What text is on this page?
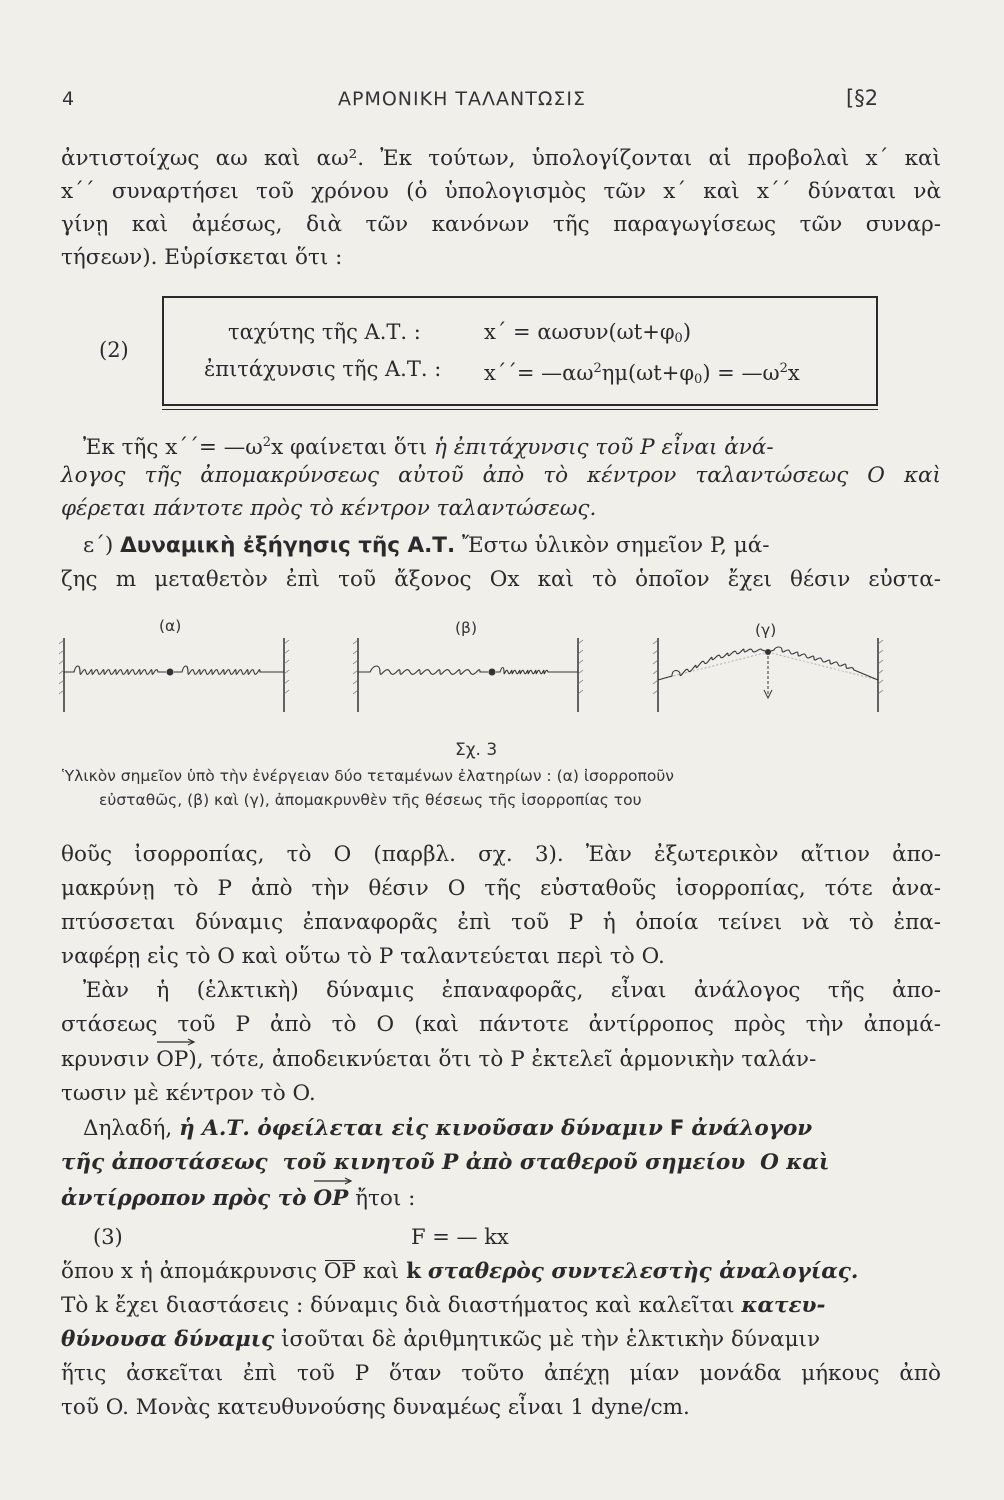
4	ΑΡΜΟΝΙΚΗ ΤΑΛΑΝΤΩΣΙΣ	[§2
ἀντιστοίχως αω καὶ αω². Ἐκ τούτων, ὑπολογίζονται αἱ προβολαὶ x΄ καὶ
x΄΄ συναρτήσει τοῦ χρόνου (ὁ ὑπολογισμὸς τῶν x΄ καὶ x΄΄ δύναται νὰ
γίνῃ καὶ ἀμέσως, διὰ τῶν κανόνων τῆς παραγωγίσεως τῶν συναρ-
τήσεων). Εὑρίσκεται ὅτι :
(2)
ταχύτης τῆς Α.Τ. :	$x΄ = \alpha\omega\sigma\upsilon\nu(\omega t+\varphi_0)$
ἐπιτάχυνσις τῆς Α.Τ. : $x΄΄= —\alpha\omega^2\eta\mu(\omega t+\varphi_0)$ = $—\omega^2x$
Ἐκ τῆς $x΄΄= —\omega^2x$ φαίνεται ὅτι ἡ ἐπιτάχυνσις τοῦ P εἶναι ἀνά-
λογος τῆς ἀπομακρύνσεως αὐτοῦ ἀπὸ τὸ κέντρον ταλαντώσεως O καὶ
φέρεται πάντοτε πρὸς τὸ κέντρον ταλαντώσεως.
ε΄) Δυναμικὴ ἐξήγησις τῆς Α.Τ. Ἔστω ὑλικὸν σημεῖον P, μά-
ζης m μεταθετὸν ἐπὶ τοῦ ἄξονος Οx καὶ τὸ ὁποῖον ἔχει θέσιν εὐστα-
(α)	(β)	(γ)
Σχ. 3
Ὑλικὸν σημεῖον ὑπὸ τὴν ἐνέργειαν δύο τεταμένων ἐλατηρίων : (α) ἰσορροποῦν
εὐσταθῶς, (β) καὶ (γ), ἀπομακρυνθὲν τῆς θέσεως τῆς ἰσορροπίας του
θοῦς ἰσορροπίας, τὸ O (παρβλ. σχ. 3). Ἐὰν ἐξωτερικὸν αἴτιον ἀπο-
μακρύνῃ τὸ P ἀπὸ τὴν θέσιν O τῆς εὐσταθοῦς ἰσορροπίας, τότε ἀνα-
πτύσσεται δύναμις ἐπαναφορᾶς ἐπὶ τοῦ P ἡ ὁποία τείνει νὰ τὸ ἐπα-
ναφέρῃ εἰς τὸ O καὶ οὕτω τὸ P ταλαντεύεται περὶ τὸ O.
Ἐὰν ἡ (ἑλκτικὴ) δύναμις ἐπαναφορᾶς, εἶναι ἀνάλογος τῆς ἀπο-
στάσεως τοῦ P ἀπὸ τὸ O (καὶ πάντοτε ἀντίρροπος πρὸς τὴν ἀπομά-
κρυνσιν OP), τότε, ἀποδεικνύεται ὅτι τὸ P ἐκτελεῖ ἁρμονικὴν ταλάν-
τωσιν μὲ κέντρον τὸ O.
Δηλαδή, ἡ Α.Τ. ὀφείλεται εἰς κινοῦσαν δύναμιν F ἀνάλογον
τῆς ἀποστάσεως  τοῦ κινητοῦ P ἀπὸ σταθεροῦ σημείου  O καὶ
ἀντίρροπον πρὸς τὸ OP ἤτοι :
(3)	F = — kx
ὅπου x ἡ ἀπομάκρυνσις OP καὶ k σταθερὸς συντελεστὴς ἀναλογίας.
Τὸ k ἔχει διαστάσεις : δύναμις διὰ διαστήματος καὶ καλεῖται κατευ-
θύνουσα δύναμις ἰσοῦται δὲ ἀριθμητικῶς μὲ τὴν ἑλκτικὴν δύναμιν
ἥτις ἀσκεῖται ἐπὶ τοῦ P ὅταν τοῦτο ἀπέχῃ μίαν μονάδα μήκους ἀπὸ
τοῦ O. Μονὰς κατευθυνούσης δυναμέως εἶναι 1 dyne/cm.
